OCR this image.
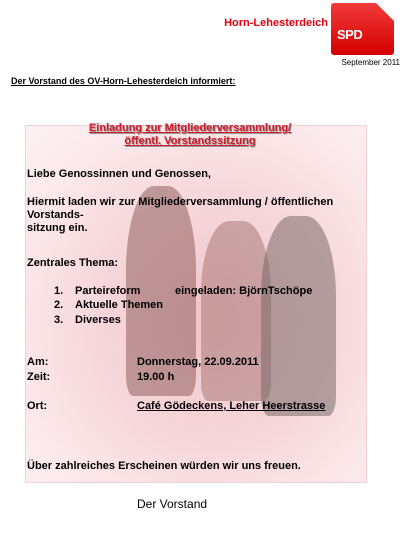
Horn-Lehesterdeich
SPD
September 2011
Der Vorstand des OV-Horn-Lehesterdeich informiert:
Einladung zur Mitgliederversammlung/
öffentl. Vorstandssitzung
Liebe Genossinnen und Genossen,
Hiermit laden wir zur Mitgliederversammlung / öffentlichen
Vorstands-
sitzung ein.
Zentrales Thema:
1. Parteireform	eingeladen: BjörnTschöpe
2. Aktuelle Themen
3. Diverses
Am:	Donnerstag, 22.09.2011
Zeit:	19.00 h
Ort:	Café Gödeckens, Leher Heerstrasse
Über zahlreiches Erscheinen würden wir uns freuen.
Der Vorstand
